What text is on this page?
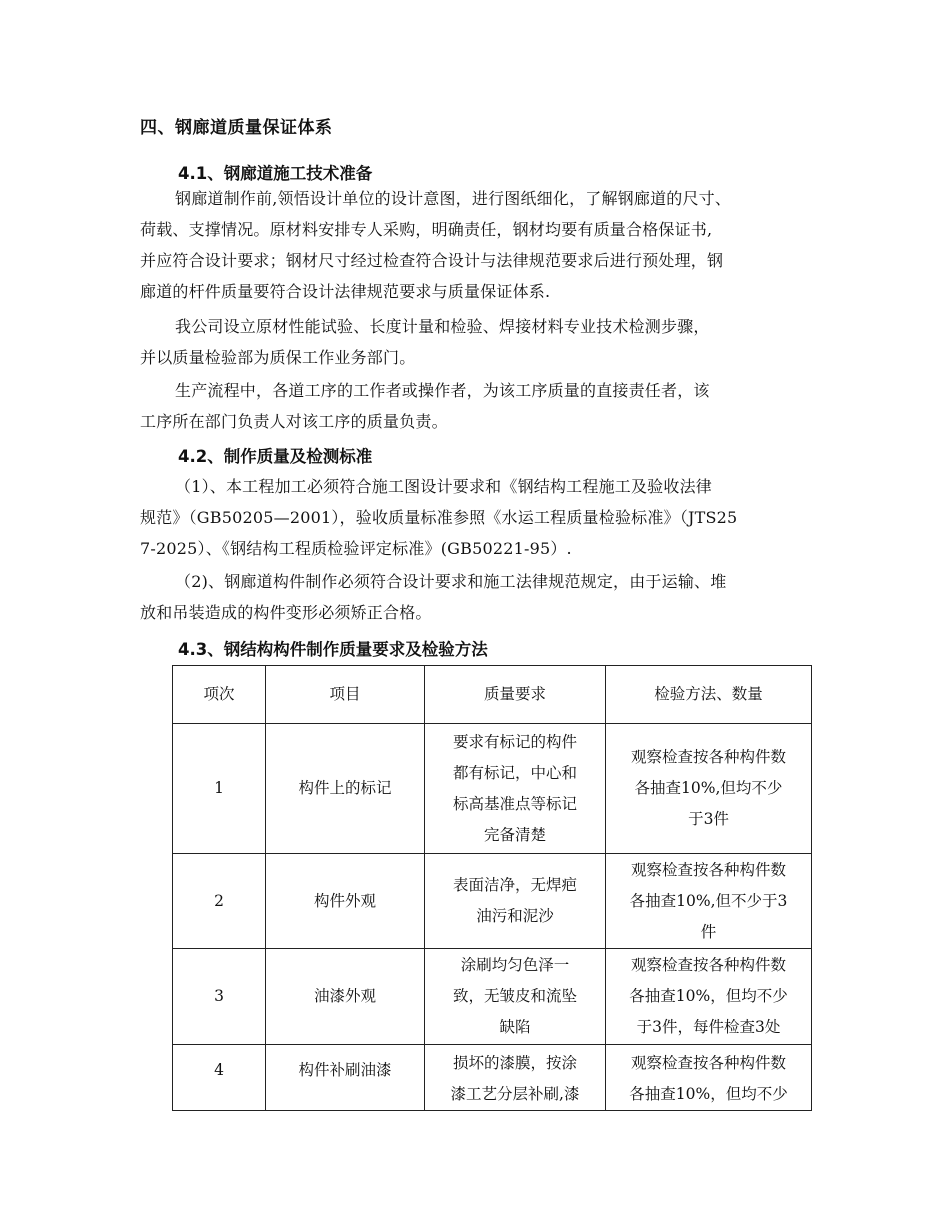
四、钢廊道质量保证体系
4.1、钢廊道施工技术准备
钢廊道制作前,领悟设计单位的设计意图，进行图纸细化，了解钢廊道的尺寸、
荷载、支撑情况。原材料安排专人采购，明确责任，钢材均要有质量合格保证书,
并应符合设计要求；钢材尺寸经过检查符合设计与法律规范要求后进行预处理，钢
廊道的杆件质量要符合设计法律规范要求与质量保证体系.
我公司设立原材性能试验、长度计量和检验、焊接材料专业技术检测步骤，
并以质量检验部为质保工作业务部门。
生产流程中，各道工序的工作者或操作者，为该工序质量的直接责任者，该
工序所在部门负责人对该工序的质量负责。
4.2、制作质量及检测标准
（1）、本工程加工必须符合施工图设计要求和《钢结构工程施工及验收法律
规范》（GB50205—2001），验收质量标准参照《水运工程质量检验标准》（JTS25
7-2025）、《钢结构工程质检验评定标准》(GB50221-95）.
（2)、钢廊道构件制作必须符合设计要求和施工法律规范规定，由于运输、堆
放和吊装造成的构件变形必须矫正合格。
4.3、钢结构构件制作质量要求及检验方法
项次	项目	质量要求	检验方法、数量
1	构件上的标记	要求有标记的构件
都有标记，中心和
标高基准点等标记
完备清楚	观察检查按各种构件数
各抽查10%,但均不少
于3件

2	构件外观	表面洁净，无焊疤
油污和泥沙	观察检查按各种构件数
各抽查10%,但不少于3
件

3	油漆外观	涂刷均匀色泽一
致，无皱皮和流坠
缺陷	观察检查按各种构件数
各抽查10%，但均不少
于3件，每件检查3处

4	构件补刷油漆	损坏的漆膜，按涂
漆工艺分层补刷,漆	观察检查按各种构件数
各抽查10%，但均不少
